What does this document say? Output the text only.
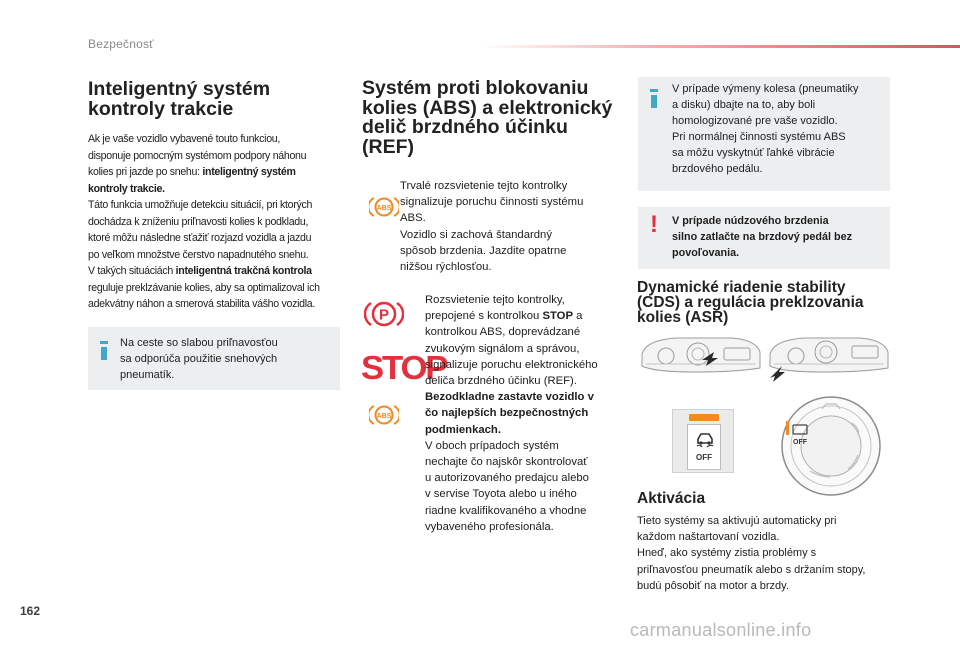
Bezpečnosť
Inteligentný systém
kontroly trakcie
Ak je vaše vozidlo vybavené touto funkciou,
disponuje pomocným systémom podpory náhonu
kolies pri jazde po snehu: inteligentný systém
kontroly trakcie.
Táto funkcia umožňuje detekciu situácií, pri ktorých
dochádza k zníženiu priľnavosti kolies k podkladu,
ktoré môžu následne sťažiť rozjazd vozidla a jazdu
po veľkom množstve čerstvo napadnutého snehu.
V takých situáciách inteligentná trakčná kontrola
reguluje preklzávanie kolies, aby sa optimalizoval ich
adekvátny náhon a smerová stabilita vášho vozidla.
Na ceste so slabou priľnavosťou
sa odporúča použitie snehových
pneumatík.
Systém proti blokovaniu
kolies (ABS) a elektronický
delič brzdného účinku
(REF)
ABS
Trvalé rozsvietenie tejto kontrolky
signalizuje poruchu činnosti systému
ABS.
Vozidlo si zachová štandardný
spôsob brzdenia. Jazdite opatrne
nižšou rýchlosťou.
P
STOP
ABS
Rozsvietenie tejto kontrolky,
prepojené s kontrolkou STOP a
kontrolkou ABS, doprevádzané
zvukovým signálom a správou,
signalizuje poruchu elektronického
deliča brzdného účinku (REF).
Bezodkladne zastavte vozidlo v
čo najlepších bezpečnostných
podmienkach.
V oboch prípadoch systém
nechajte čo najskôr skontrolovať
u autorizovaného predajcu alebo
v servise Toyota alebo u iného
riadne kvalifikovaného a vhodne
vybaveného profesionála.
V prípade výmeny kolesa (pneumatiky
a disku) dbajte na to, aby boli
homologizované pre vaše vozidlo.
Pri normálnej činnosti systému ABS
sa môžu vyskytnúť ľahké vibrácie
brzdového pedálu.
! V prípade núdzového brzdenia
silno zatlačte na brzdový pedál bez
povoľovania.
Dynamické riadenie stability
(CDS) a regulácia preklzovania
kolies (ASR)
OFF
OFF
Aktivácia
Tieto systémy sa aktivujú automaticky pri
každom naštartovaní vozidla.
Hneď, ako systémy zistia problémy s
priľnavosťou pneumatík alebo s držaním stopy,
budú pôsobiť na motor a brzdy.
162
carmanualsonline.info
